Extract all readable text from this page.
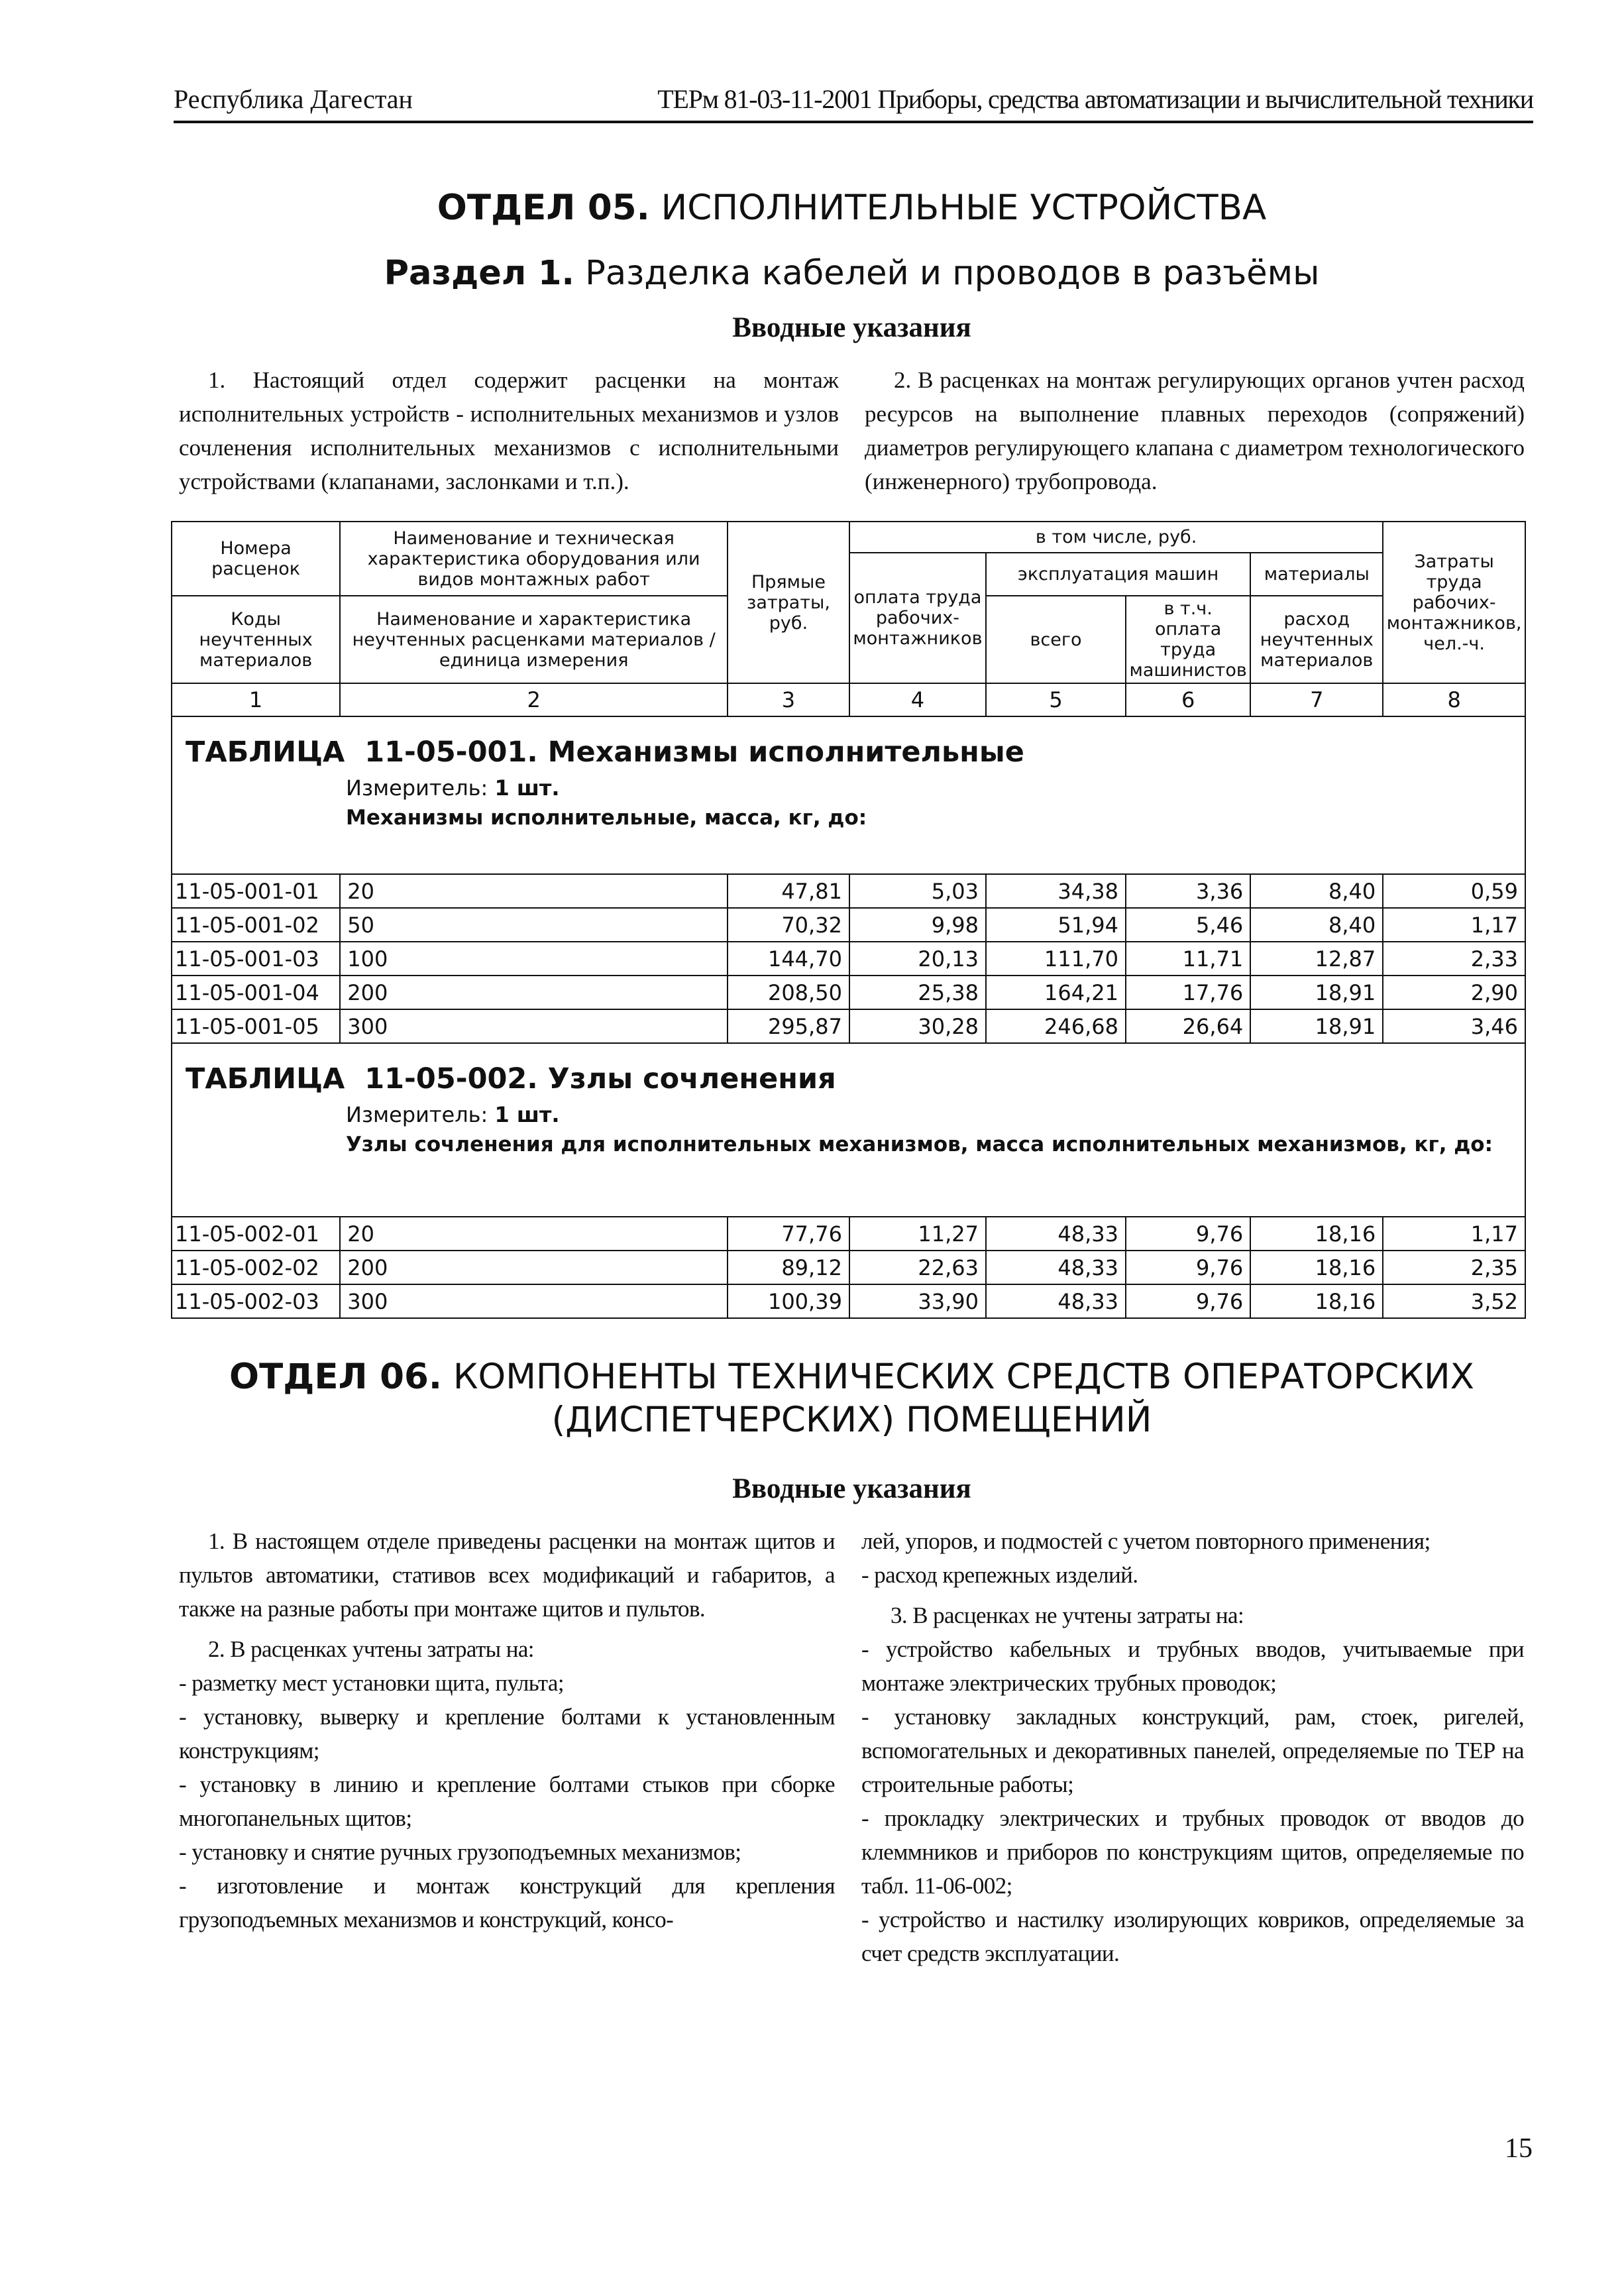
Республика Дагестан	ТЕРм 81-03-11-2001 Приборы, средства автоматизации и вычислительной техники
ОТДЕЛ 05. ИСПОЛНИТЕЛЬНЫЕ УСТРОЙСТВА
Раздел 1. Разделка кабелей и проводов в разъёмы
Вводные указания

1. Настоящий отдел содержит расценки на монтаж исполнительных устройств - исполнительных механизмов и узлов сочленения исполнительных механизмов с исполнительными устройствами (клапанами, заслонками и т.п.).

2. В расценках на монтаж регулирующих органов учтен расход ресурсов на выполнение плавных переходов (сопряжений) диаметров регулирующего клапана с диаметром технологического (инженерного) трубопровода.

Номера расценок	Наименование и техническая характеристика оборудования или видов монтажных работ	Прямые затраты, руб.	в том числе, руб.				Затраты труда рабочих-монтажников, чел.-ч.
			оплата труда рабочих-монтажников	эксплуатация машин		материалы	
Коды неучтенных материалов	Наименование и характеристика неучтенных расценками материалов / единица измерения			всего	в т.ч. оплата труда машинистов	расход неучтенных материалов	

1	2	3	4	5	6	7	8

ТАБЛИЦА 11-05-001. Механизмы исполнительные
Измеритель: 1 шт.
Механизмы исполнительные, масса, кг, до:							

11-05-001-01	20	47,81	5,03	34,38	3,36	8,40	0,59
11-05-001-02	50	70,32	9,98	51,94	5,46	8,40	1,17
11-05-001-03	100	144,70	20,13	111,70	11,71	12,87	2,33
11-05-001-04	200	208,50	25,38	164,21	17,76	18,91	2,90
11-05-001-05	300	295,87	30,28	246,68	26,64	18,91	3,46

ТАБЛИЦА 11-05-002. Узлы сочленения
Измеритель: 1 шт.
Узлы сочленения для исполнительных механизмов, масса исполнительных механизмов, кг, до:							

11-05-002-01	20	77,76	11,27	48,33	9,76	18,16	1,17
11-05-002-02	200	89,12	22,63	48,33	9,76	18,16	2,35
11-05-002-03	300	100,39	33,90	48,33	9,76	18,16	3,52
ОТДЕЛ 06. КОМПОНЕНТЫ ТЕХНИЧЕСКИХ СРЕДСТВ ОПЕРАТОРСКИХ
(ДИСПЕТЧЕРСКИХ) ПОМЕЩЕНИЙ
Вводные указания

1. В настоящем отделе приведены расценки на монтаж щитов и пультов автоматики, стативов всех модификаций и габаритов, а также на разные работы при монтаже щитов и пультов.

2. В расценках учтены затраты на:

- разметку мест установки щита, пульта;

- установку, выверку и крепление болтами к установленным конструкциям;

- установку в линию и крепление болтами стыков при сборке многопанельных щитов;

- установку и снятие ручных грузоподъемных механизмов;

- изготовление и монтаж конструкций для крепления грузоподъемных механизмов и конструкций, консо-

лей, упоров, и подмостей с учетом повторного применения;

- расход крепежных изделий.

3. В расценках не учтены затраты на:

- устройство кабельных и трубных вводов, учитываемые при монтаже электрических трубных проводок;

- установку закладных конструкций, рам, стоек, ригелей, вспомогательных и декоративных панелей, определяемые по ТЕР на строительные работы;

- прокладку электрических и трубных проводок от вводов до клеммников и приборов по конструкциям щитов, определяемые по табл. 11-06-002;

- устройство и настилку изолирующих ковриков, определяемые за счет средств эксплуатации.

15
